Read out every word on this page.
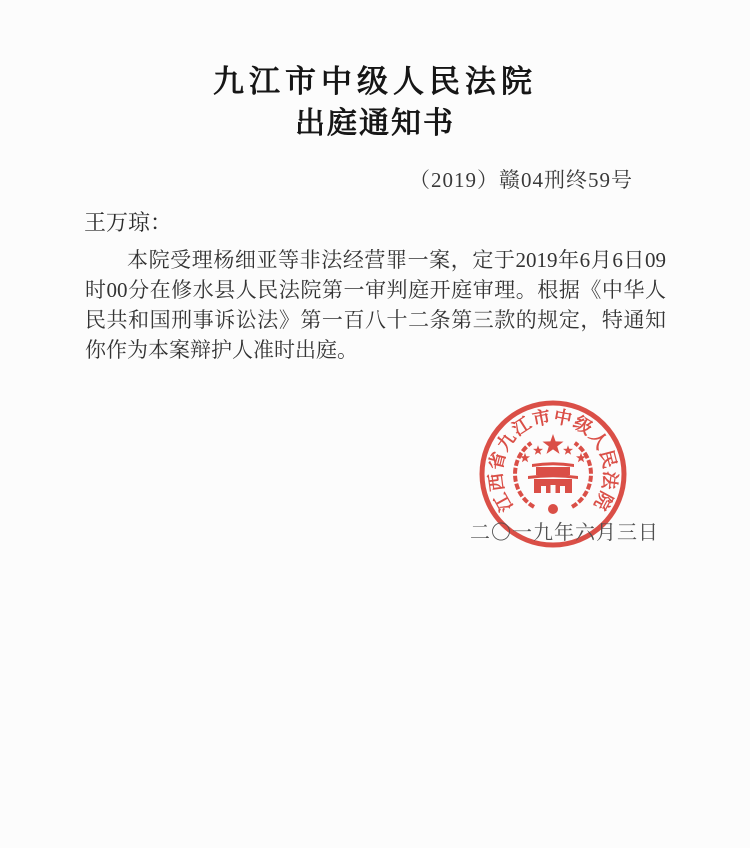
九江市中级人民法院
出庭通知书
（2019）赣04刑终59号
王万琼：

本院受理杨细亚等非法经营罪一案，定于2019年6月6日09时00分在修水县人民法院第一审判庭开庭审理。根据《中华人民共和国刑事诉讼法》第一百八十二条第三款的规定，特通知你作为本案辩护人准时出庭。

江西省九江市中级人民法院
二〇一九年六月三日
